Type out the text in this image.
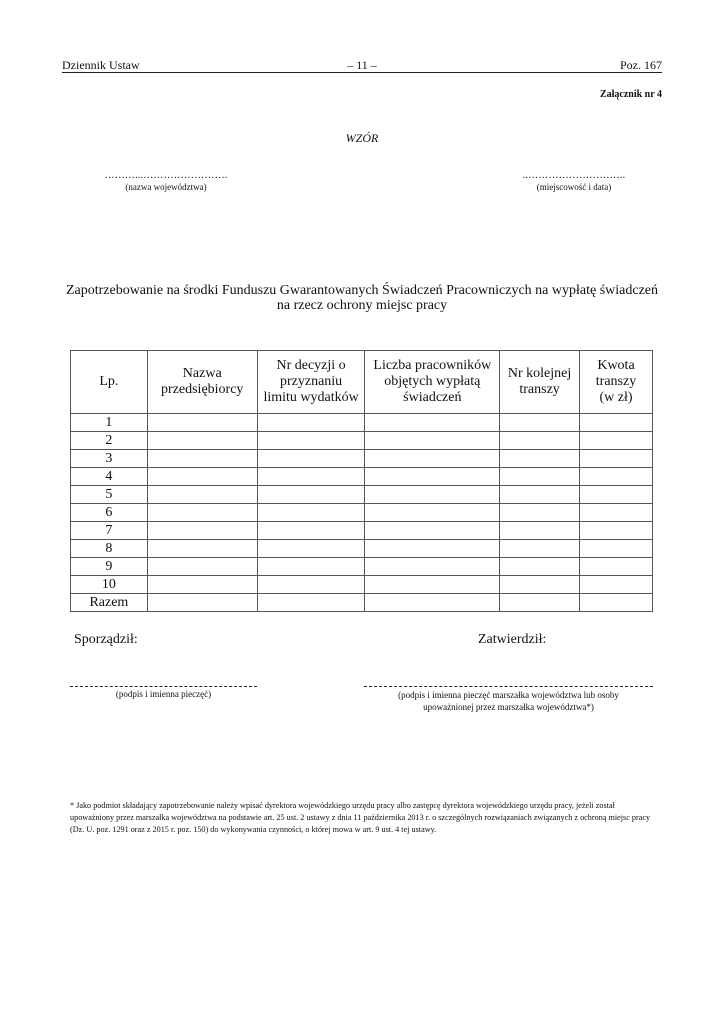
Dziennik Ustaw	– 11 –	Poz. 167
Załącznik nr 4
WZÓR
………...…………………….
(nazwa województwa)
..………………………..
(miejscowość i data)
Zapotrzebowanie na środki Funduszu Gwarantowanych Świadczeń Pracowniczych na wypłatę świadczeń
na rzecz ochrony miejsc pracy
Lp.	Nazwa przedsiębiorcy	Nr decyzji o przyznaniu limitu wydatków	Liczba pracowników objętych wypłatą świadczeń	Nr kolejnej transzy	Kwota transzy (w zł)
1					
2					
3					
4					
5					
6					
7					
8					
9					
10					
Razem					
Sporządził:	Zatwierdził:
(podpis i imienna pieczęć)	(podpis i imienna pieczęć marszałka województwa lub osoby
upoważnionej przez marszałka województwa*)
* Jako podmiot składający zapotrzebowanie należy wpisać dyrektora wojewódzkiego urzędu pracy albo zastępcę dyrektora wojewódzkiego urzędu pracy, jeżeli został upoważniony przez marszałka województwa na podstawie art. 25 ust. 2 ustawy z dnia 11 października 2013 r. o szczególnych rozwiązaniach związanych z ochroną miejsc pracy (Dz. U. poz. 1291 oraz z 2015 r. poz. 150) do wykonywania czynności, o której mowa w art. 9 ust. 4 tej ustawy.
